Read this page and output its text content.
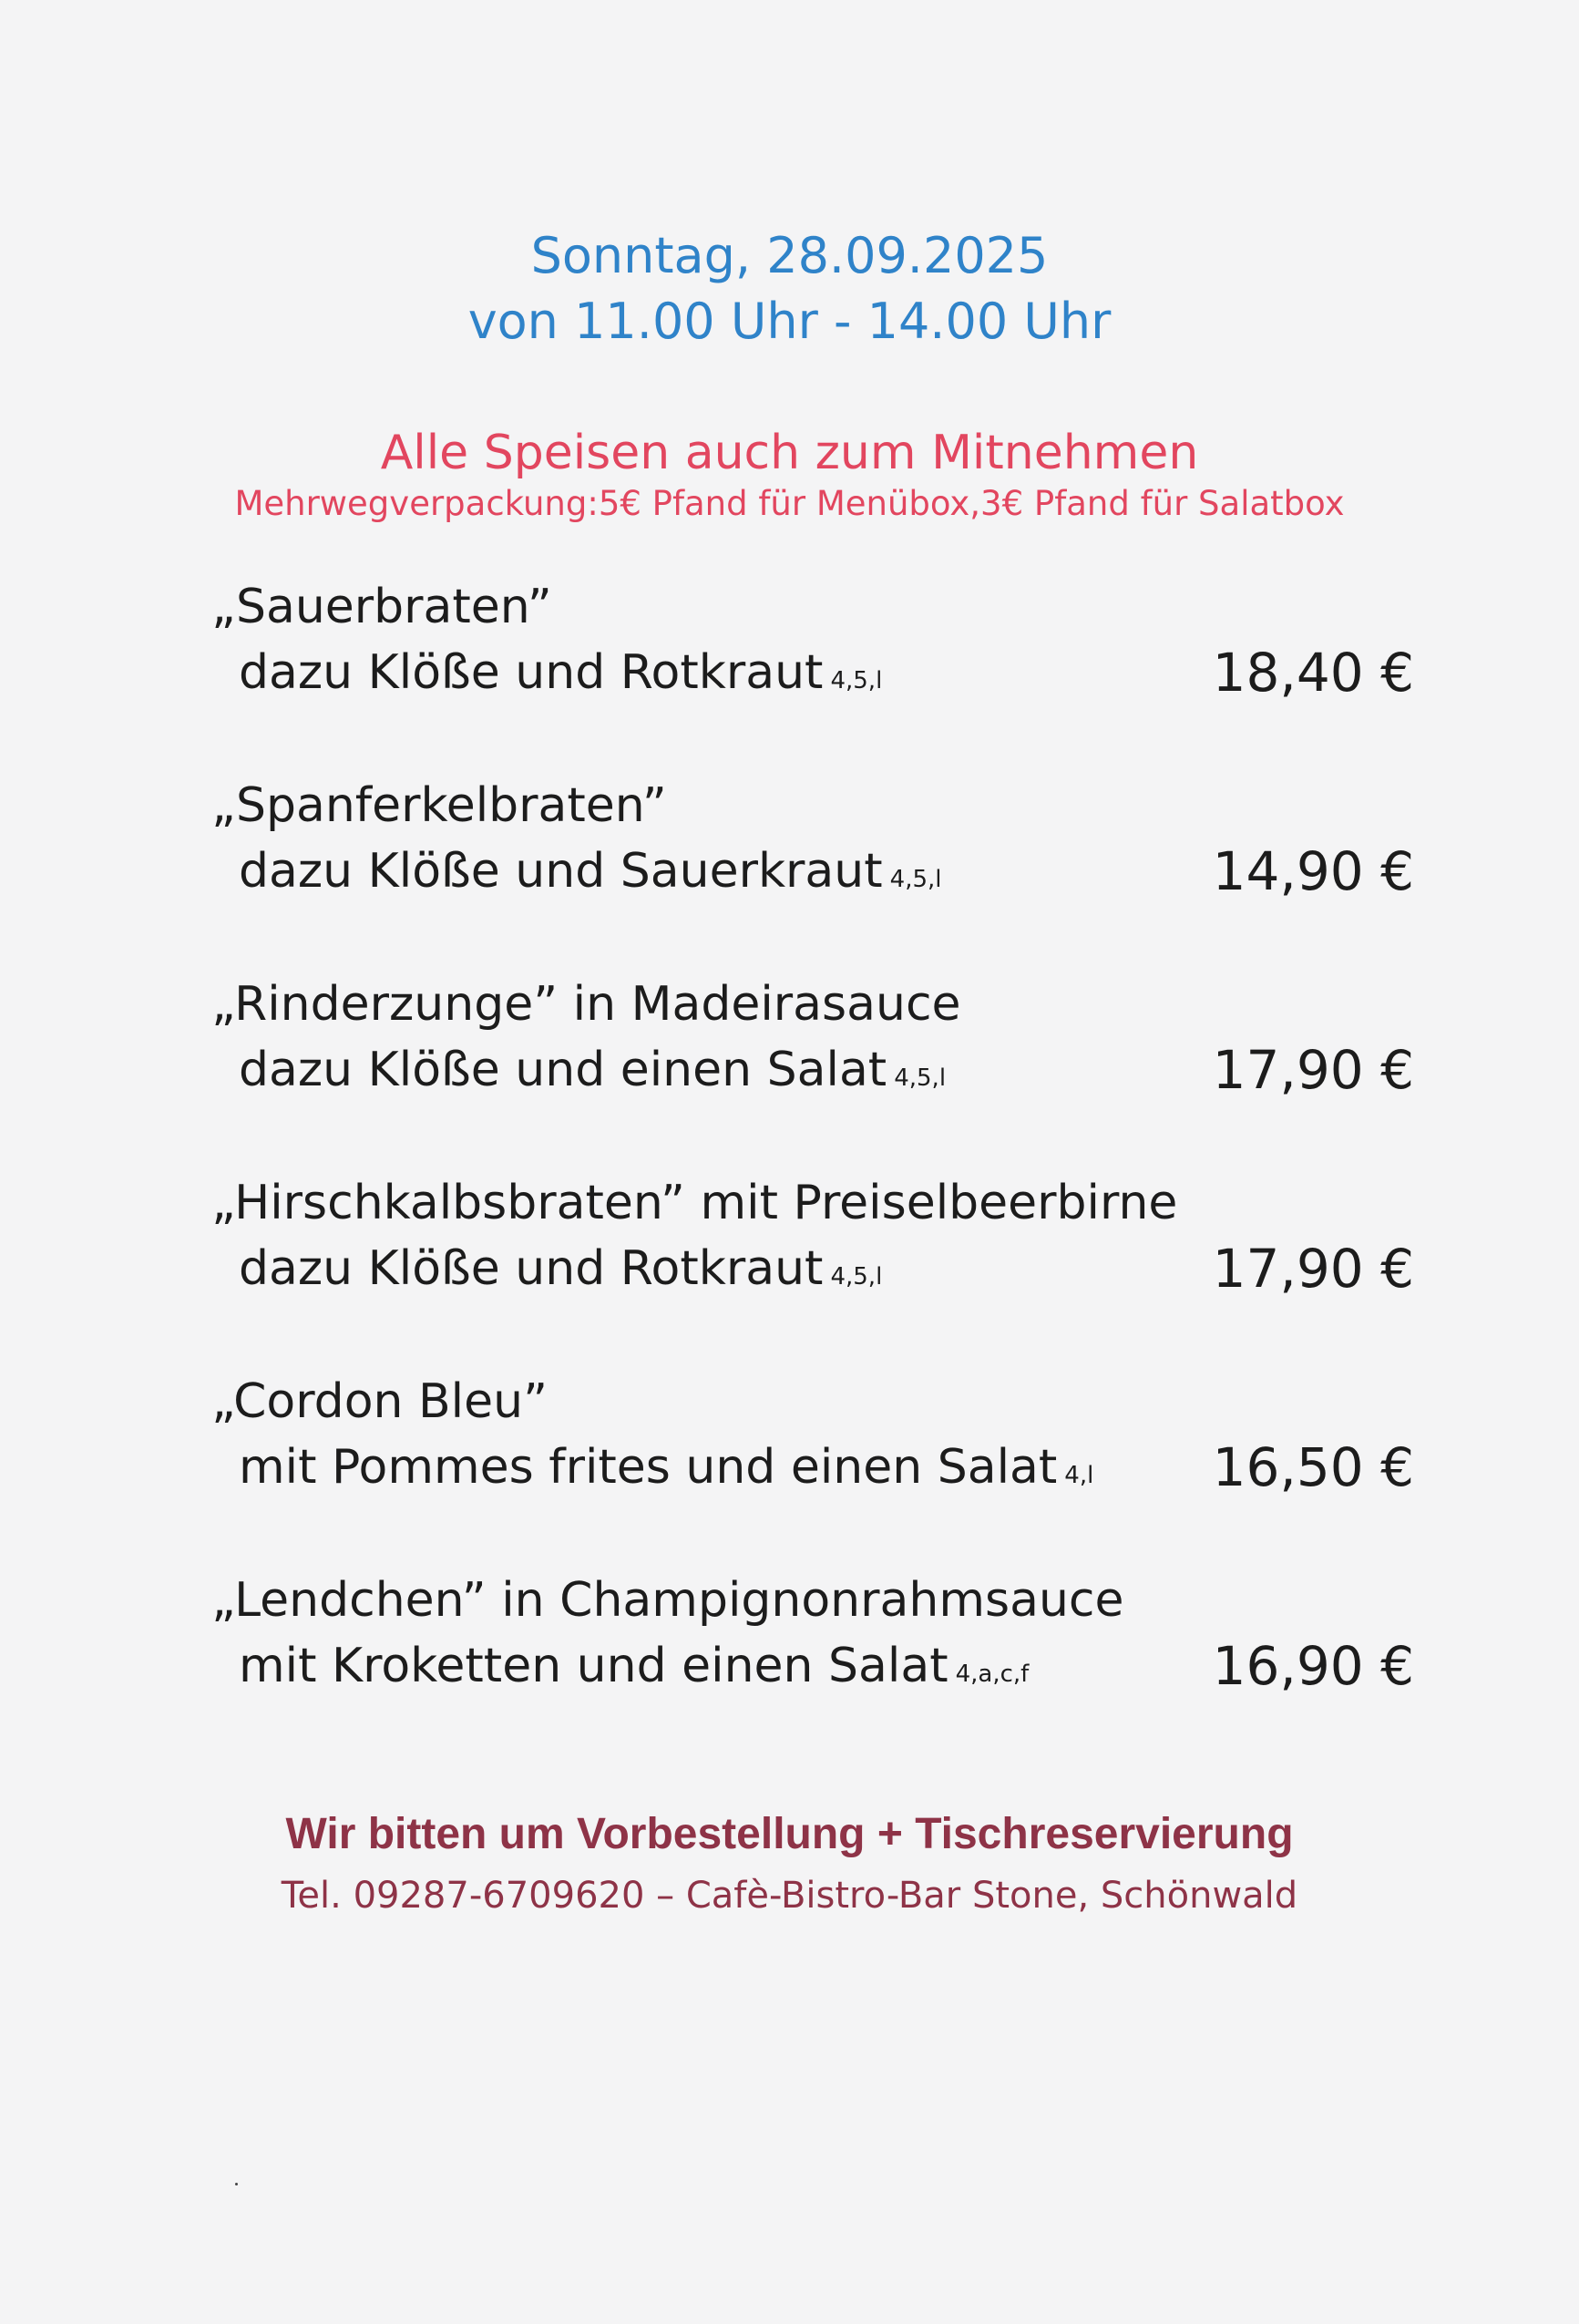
Sonntag, 28.09.2025
von 11.00 Uhr - 14.00 Uhr
Alle Speisen auch zum Mitnehmen
Mehrwegverpackung:5€ Pfand für Menübox,3€ Pfand für Salatbox
„Sauerbraten”
dazu Klöße und Rotkraut 4,5,l	18,40 €
„Spanferkelbraten”
dazu Klöße und Sauerkraut 4,5,l	14,90 €
„Rinderzunge” in Madeirasauce
dazu Klöße und einen Salat 4,5,l	17,90 €
„Hirschkalbsbraten” mit Preiselbeerbirne
dazu Klöße und Rotkraut 4,5,l	17,90 €
„Cordon Bleu”
mit Pommes frites und einen Salat 4,l 16,50 €
„Lendchen” in Champignonrahmsauce
mit Kroketten und einen Salat 4,a,c,f	16,90 €
Wir bitten um Vorbestellung + Tischreservierung
Tel. 09287-6709620 – Cafè-Bistro-Bar Stone, Schönwald
